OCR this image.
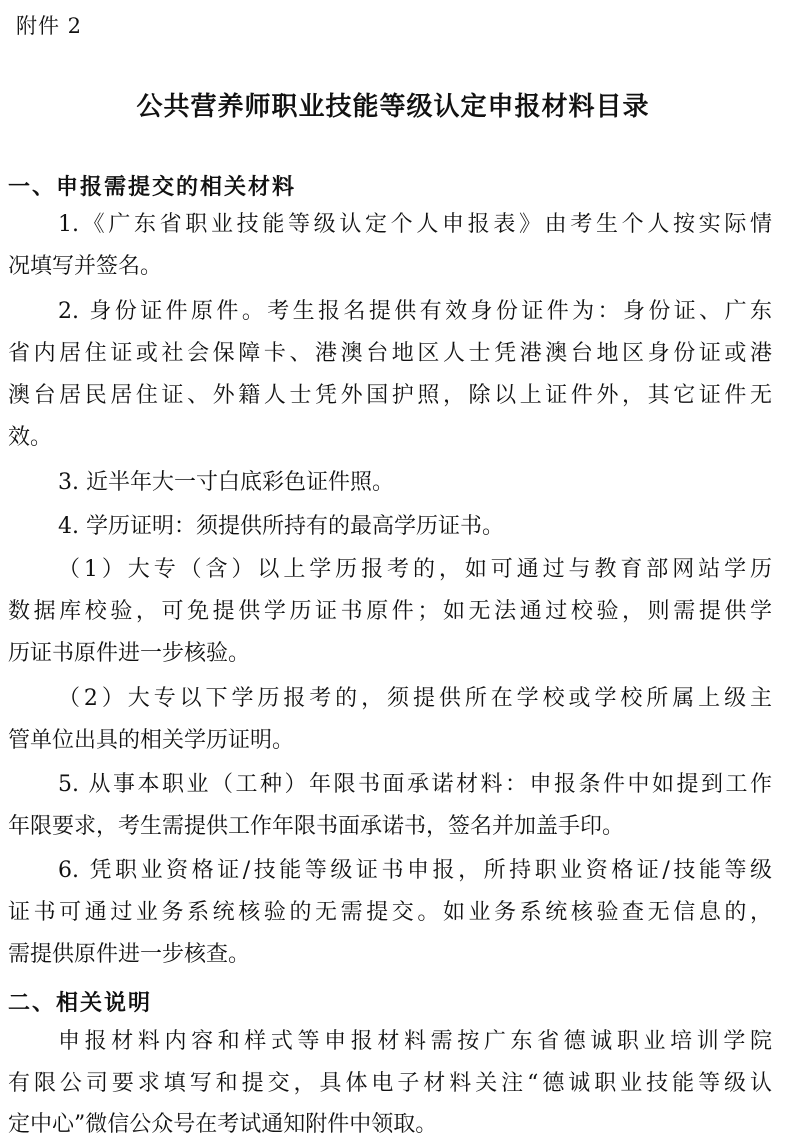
附件 2
公共营养师职业技能等级认定申报材料目录
一、申报需提交的相关材料
1.《广东省职业技能等级认定个人申报表》由考生个人按实际情
况填写并签名。
2. 身份证件原件。考生报名提供有效身份证件为：身份证、广东
省内居住证或社会保障卡、港澳台地区人士凭港澳台地区身份证或港
澳台居民居住证、外籍人士凭外国护照，除以上证件外，其它证件无
效。
3. 近半年大一寸白底彩色证件照。
4. 学历证明：须提供所持有的最高学历证书。
（1）大专（含）以上学历报考的，如可通过与教育部网站学历
数据库校验，可免提供学历证书原件；如无法通过校验，则需提供学
历证书原件进一步核验。
（2）大专以下学历报考的，须提供所在学校或学校所属上级主
管单位出具的相关学历证明。
5. 从事本职业（工种）年限书面承诺材料：申报条件中如提到工作
年限要求，考生需提供工作年限书面承诺书，签名并加盖手印。
6. 凭职业资格证/技能等级证书申报，所持职业资格证/技能等级
证书可通过业务系统核验的无需提交。如业务系统核验查无信息的，
需提供原件进一步核查。
二、相关说明
申报材料内容和样式等申报材料需按广东省德诚职业培训学院
有限公司要求填写和提交，具体电子材料关注“德诚职业技能等级认
定中心”微信公众号在考试通知附件中领取。
